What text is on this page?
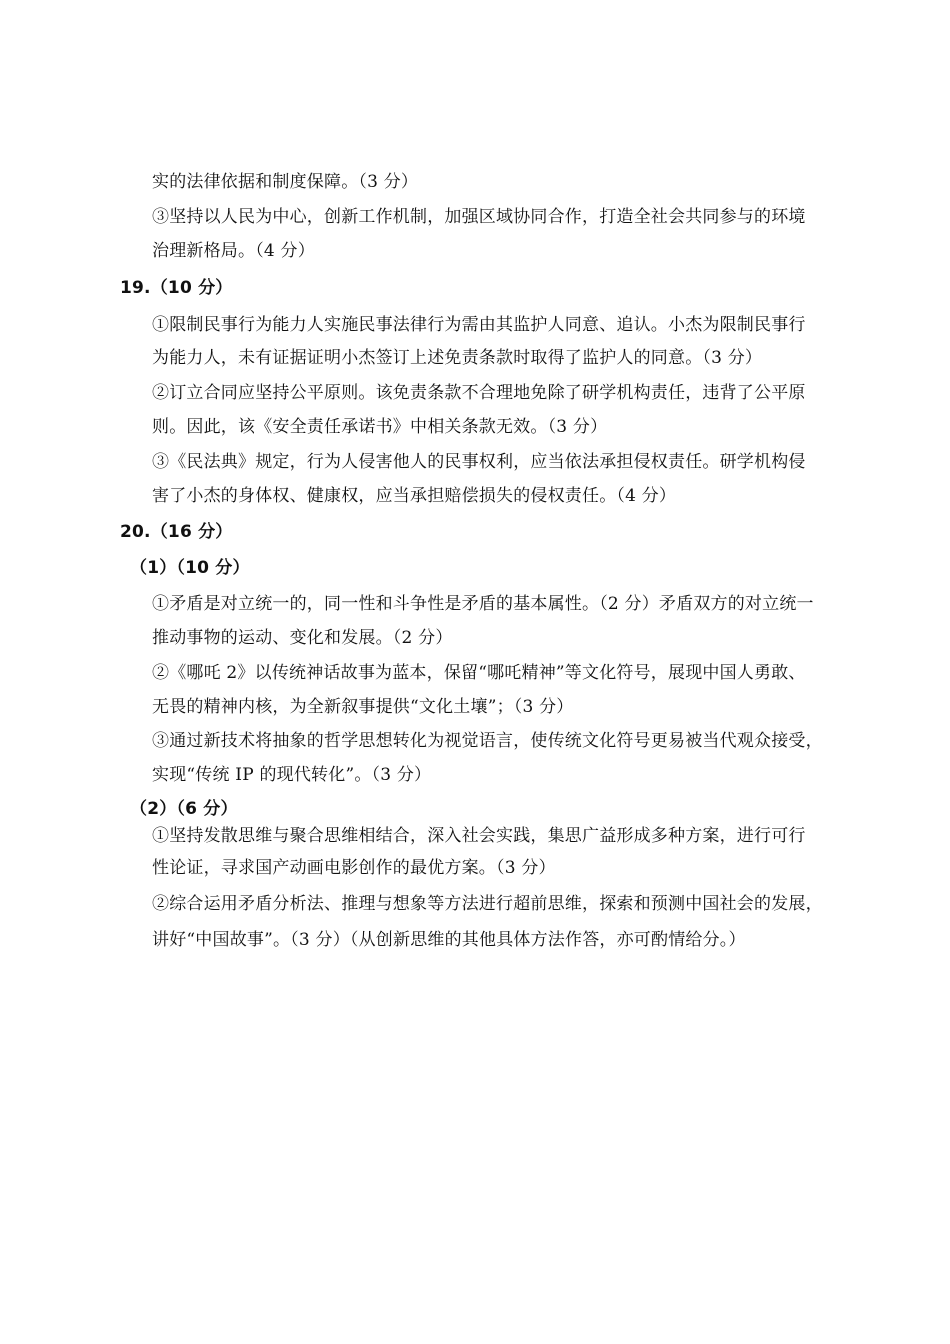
实的法律依据和制度保障。（3 分）
③坚持以人民为中心，创新工作机制，加强区域协同合作，打造全社会共同参与的环境
治理新格局。（4 分）
19.（10 分）
①限制民事行为能力人实施民事法律行为需由其监护人同意、追认。小杰为限制民事行
为能力人，未有证据证明小杰签订上述免责条款时取得了监护人的同意。（3 分）
②订立合同应坚持公平原则。该免责条款不合理地免除了研学机构责任，违背了公平原
则。因此，该《安全责任承诺书》中相关条款无效。（3 分）
③《民法典》规定，行为人侵害他人的民事权利，应当依法承担侵权责任。研学机构侵
害了小杰的身体权、健康权，应当承担赔偿损失的侵权责任。（4 分）
20.（16 分）
（1）（10 分）
①矛盾是对立统一的，同一性和斗争性是矛盾的基本属性。（2 分）矛盾双方的对立统一
推动事物的运动、变化和发展。（2 分）
②《哪吒 2》以传统神话故事为蓝本，保留“哪吒精神”等文化符号，展现中国人勇敢、
无畏的精神内核，为全新叙事提供“文化土壤”；（3 分）
③通过新技术将抽象的哲学思想转化为视觉语言，使传统文化符号更易被当代观众接受，
实现“传统 IP 的现代转化”。（3 分）
（2）（6 分）
①坚持发散思维与聚合思维相结合，深入社会实践，集思广益形成多种方案，进行可行
性论证，寻求国产动画电影创作的最优方案。（3 分）
②综合运用矛盾分析法、推理与想象等方法进行超前思维，探索和预测中国社会的发展，
讲好“中国故事”。（3 分）（从创新思维的其他具体方法作答，亦可酌情给分。）
